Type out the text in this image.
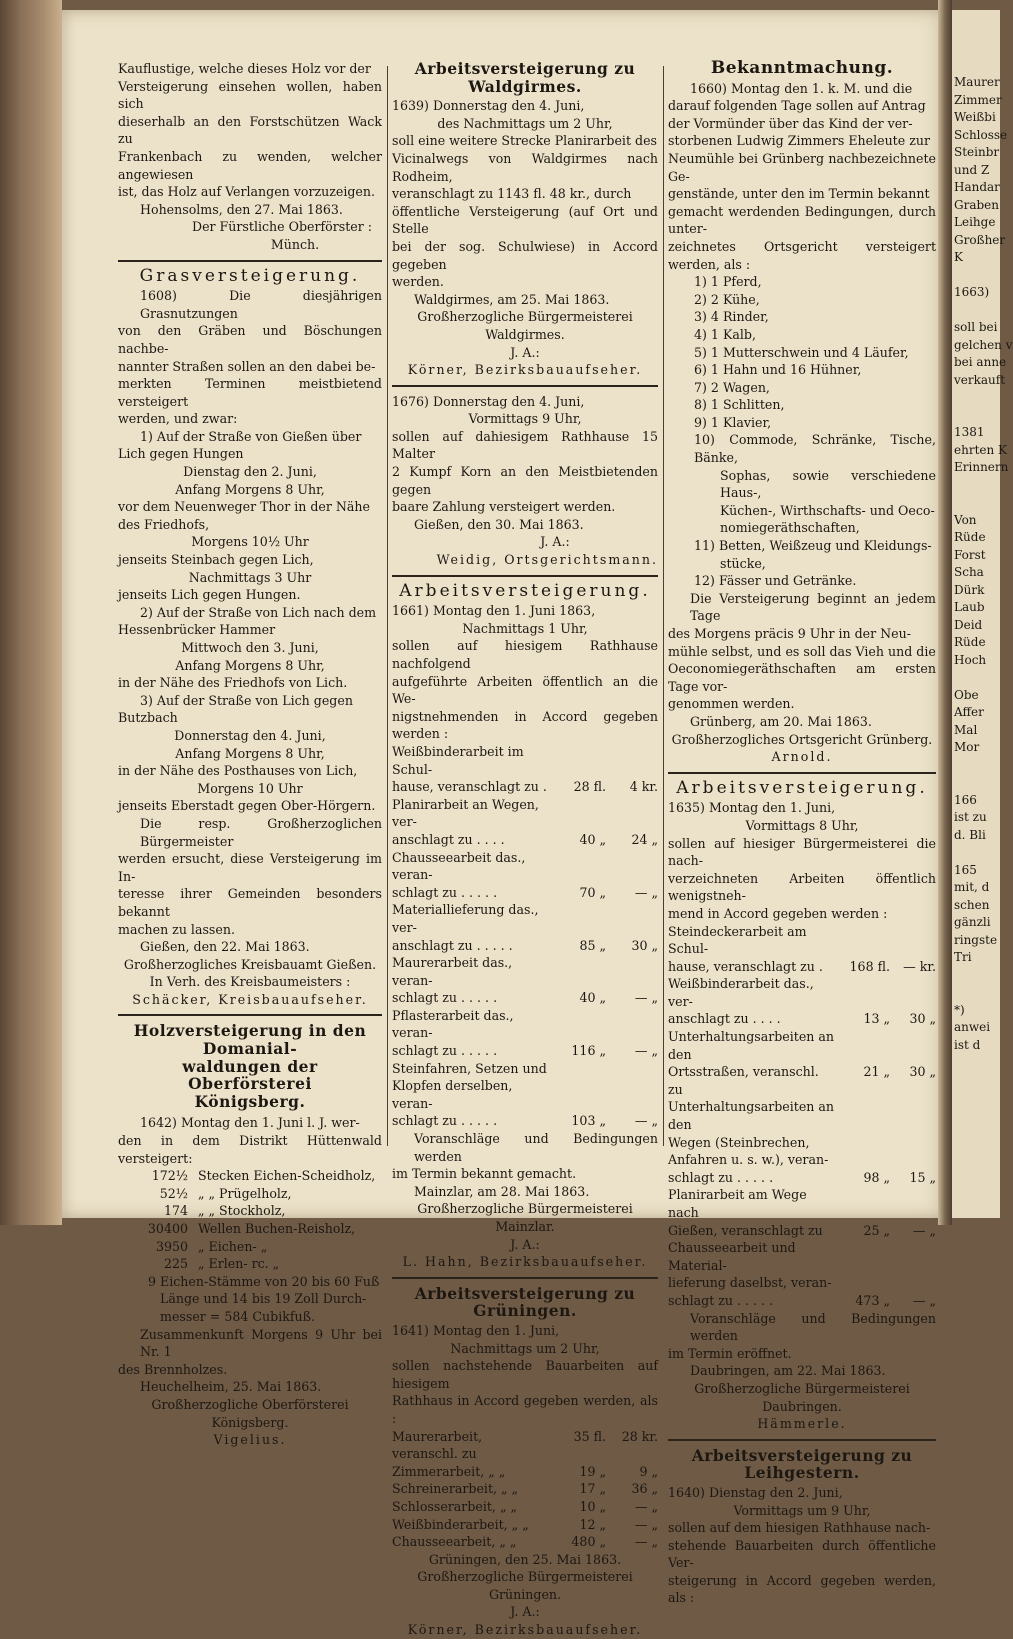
Maurer
Zimmer
Weißbi
Schlosse
Steinbr
und Z
Handar
Graben
Leihge
Großher
K

1663)

soll bei
gelchen v
bei anne
verkauft

1381
ehrten K
Erinnern

Von
Rüde
Forst
Scha
Dürk
Laub
Deid
Rüde
Hoch

Obe
Affer
Mal
Mor

166
ist zu
d. Bli

165
mit, d
schen
gänzli
ringste
Tri

*)
anwei
ist d

Kauflustige, welche dieses Holz vor der

Versteigerung einsehen wollen, haben sich

dieserhalb an den Forstschützen Wack zu

Frankenbach zu wenden, welcher angewiesen

ist, das Holz auf Verlangen vorzuzeigen.

Hohensolms, den 27. Mai 1863.

Der Fürstliche Oberförster :

Münch.

Grasversteigerung.

1608) Die diesjährigen Grasnutzungen

von den Gräben und Böschungen nachbe-

nannter Straßen sollen an den dabei be-

merkten Terminen meistbietend versteigert

werden, und zwar:

1) Auf der Straße von Gießen über

Lich gegen Hungen

Dienstag den 2. Juni,

Anfang Morgens 8 Uhr,

vor dem Neuenweger Thor in der Nähe

des Friedhofs,

Morgens 10½ Uhr

jenseits Steinbach gegen Lich,

Nachmittags 3 Uhr

jenseits Lich gegen Hungen.

2) Auf der Straße von Lich nach dem

Hessenbrücker Hammer

Mittwoch den 3. Juni,

Anfang Morgens 8 Uhr,

in der Nähe des Friedhofs von Lich.

3) Auf der Straße von Lich gegen

Butzbach

Donnerstag den 4. Juni,

Anfang Morgens 8 Uhr,

in der Nähe des Posthauses von Lich,

Morgens 10 Uhr

jenseits Eberstadt gegen Ober-Hörgern.

Die resp. Großherzoglichen Bürgermeister

werden ersucht, diese Versteigerung im In-

teresse ihrer Gemeinden besonders bekannt

machen zu lassen.

Gießen, den 22. Mai 1863.

Großherzogliches Kreisbauamt Gießen.

In Verh. des Kreisbaumeisters :

Schäcker, Kreisbauaufseher.

Holzversteigerung in den Domanial-
waldungen der Oberförsterei
Königsberg.

1642) Montag den 1. Juni l. J. wer-

den in dem Distrikt Hüttenwald versteigert:

172½	Stecken Eichen-Scheidholz,
52½	„ „ Prügelholz,
174	„ „ Stockholz,
30400	Wellen Buchen-Reisholz,
3950	„ Eichen- „
225	„ Erlen- rc. „

9 Eichen-Stämme von 20 bis 60 Fuß

Länge und 14 bis 19 Zoll Durch-

messer = 584 Cubikfuß.

Zusammenkunft Morgens 9 Uhr bei Nr. 1

des Brennholzes.

Heuchelheim, 25. Mai 1863.

Großherzogliche Oberförsterei Königsberg.

Vigelius.

Arbeitsversteigerung zu Waldgirmes.

1639) Donnerstag den 4. Juni,

des Nachmittags um 2 Uhr,

soll eine weitere Strecke Planirarbeit des

Vicinalwegs von Waldgirmes nach Rodheim,

veranschlagt zu 1143 fl. 48 kr., durch

öffentliche Versteigerung (auf Ort und Stelle

bei der sog. Schulwiese) in Accord gegeben

werden.

Waldgirmes, am 25. Mai 1863.

Großherzogliche Bürgermeisterei Waldgirmes.

J. A.:

Körner, Bezirksbauaufseher.

1676) Donnerstag den 4. Juni,

Vormittags 9 Uhr,

sollen auf dahiesigem Rathhause 15 Malter

2 Kumpf Korn an den Meistbietenden gegen

baare Zahlung versteigert werden.

Gießen, den 30. Mai 1863.

J. A.:

Weidig, Ortsgerichtsmann.

Arbeitsversteigerung.

1661) Montag den 1. Juni 1863,

Nachmittags 1 Uhr,

sollen auf hiesigem Rathhause nachfolgend

aufgeführte Arbeiten öffentlich an die We-

nigstnehmenden in Accord gegeben werden :

Weißbinderarbeit im Schul-		
hause, veranschlagt zu .	28 fl.	4 kr.
Planirarbeit an Wegen, ver-		
anschlagt zu . . . .	40 „	24 „
Chausseearbeit das., veran-		
schlagt zu . . . . .	70 „	— „
Materiallieferung das., ver-		
anschlagt zu . . . . .	85 „	30 „
Maurerarbeit das., veran-		
schlagt zu . . . . .	40 „	— „
Pflasterarbeit das., veran-		
schlagt zu . . . . .	116 „	— „
Steinfahren, Setzen und		
Klopfen derselben, veran-		
schlagt zu . . . . .	103 „	— „

Voranschläge und Bedingungen werden

im Termin bekannt gemacht.

Mainzlar, am 28. Mai 1863.

Großherzogliche Bürgermeisterei Mainzlar.

J. A.:

L. Hahn, Bezirksbauaufseher.

Arbeitsversteigerung zu Grüningen.

1641) Montag den 1. Juni,

Nachmittags um 2 Uhr,

sollen nachstehende Bauarbeiten auf hiesigem

Rathhaus in Accord gegeben werden, als :

Maurerarbeit, veranschl. zu	35 fl.	28 kr.
Zimmerarbeit, „ „	19 „	9 „
Schreinerarbeit, „ „	17 „	36 „
Schlosserarbeit, „ „	10 „	— „
Weißbinderarbeit, „ „	12 „	— „
Chausseearbeit, „ „	480 „	— „

Grüningen, den 25. Mai 1863.

Großherzogliche Bürgermeisterei Grüningen.

J. A.:

Körner, Bezirksbauaufseher.

Bekanntmachung.

1660) Montag den 1. k. M. und die

darauf folgenden Tage sollen auf Antrag

der Vormünder über das Kind der ver-

storbenen Ludwig Zimmers Eheleute zur

Neumühle bei Grünberg nachbezeichnete Ge-

genstände, unter den im Termin bekannt

gemacht werdenden Bedingungen, durch unter-

zeichnetes Ortsgericht versteigert werden, als :

1) 1 Pferd,

2) 2 Kühe,

3) 4 Rinder,

4) 1 Kalb,

5) 1 Mutterschwein und 4 Läufer,

6) 1 Hahn und 16 Hühner,

7) 2 Wagen,

8) 1 Schlitten,

9) 1 Klavier,

10) Commode, Schränke, Tische, Bänke,

Sophas, sowie verschiedene Haus-,

Küchen-, Wirthschafts- und Oeco-

nomiegeräthschaften,

11) Betten, Weißzeug und Kleidungs-

stücke,

12) Fässer und Getränke.

Die Versteigerung beginnt an jedem Tage

des Morgens präcis 9 Uhr in der Neu-

mühle selbst, und es soll das Vieh und die

Oeconomiegeräthschaften am ersten Tage vor-

genommen werden.

Grünberg, am 20. Mai 1863.

Großherzogliches Ortsgericht Grünberg.

Arnold.

Arbeitsversteigerung.

1635) Montag den 1. Juni,

Vormittags 8 Uhr,

sollen auf hiesiger Bürgermeisterei die nach-

verzeichneten Arbeiten öffentlich wenigstneh-

mend in Accord gegeben werden :

Steindeckerarbeit am Schul-		
hause, veranschlagt zu .	168 fl.	— kr.
Weißbinderarbeit das., ver-		
anschlagt zu . . . .	13 „	30 „
Unterhaltungsarbeiten an den		
Ortsstraßen, veranschl. zu	21 „	30 „
Unterhaltungsarbeiten an den		
Wegen (Steinbrechen,		
Anfahren u. s. w.), veran-		
schlagt zu . . . . .	98 „	15 „
Planirarbeit am Wege nach		
Gießen, veranschlagt zu	25 „	— „
Chausseearbeit und Material-		
lieferung daselbst, veran-		
schlagt zu . . . . .	473 „	— „

Voranschläge und Bedingungen werden

im Termin eröffnet.

Daubringen, am 22. Mai 1863.

Großherzogliche Bürgermeisterei Daubringen.

Hämmerle.

Arbeitsversteigerung zu Leihgestern.

1640) Dienstag den 2. Juni,

Vormittags um 9 Uhr,

sollen auf dem hiesigen Rathhause nach-

stehende Bauarbeiten durch öffentliche Ver-

steigerung in Accord gegeben werden, als :
